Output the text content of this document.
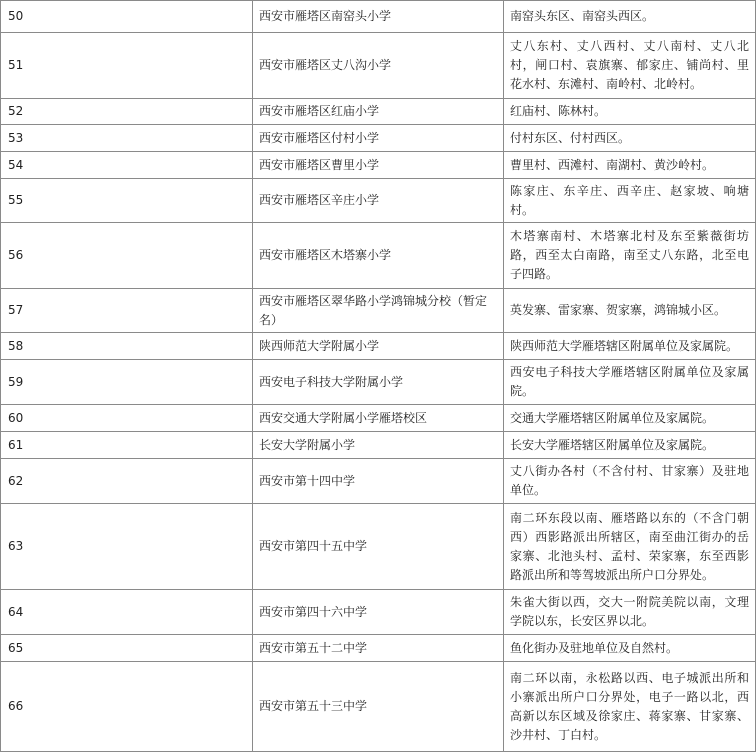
50	西安市雁塔区南窑头小学	南窑头东区、南窑头西区。
51	西安市雁塔区丈八沟小学	丈八东村、丈八西村、丈八南村、丈八北村，闸口村、袁旗寨、郁家庄、铺尚村、里花水村、东滩村、南岭村、北岭村。
52	西安市雁塔区红庙小学	红庙村、陈林村。
53	西安市雁塔区付村小学	付村东区、付村西区。
54	西安市雁塔区曹里小学	曹里村、西滩村、南湖村、黄沙岭村。
55	西安市雁塔区辛庄小学	陈家庄、东辛庄、西辛庄、赵家坡、响塘村。
56	西安市雁塔区木塔寨小学	木塔寨南村、木塔寨北村及东至紫薇街坊路，西至太白南路，南至丈八东路，北至电子四路。
57	西安市雁塔区翠华路小学鸿锦城分校（暂定名）	英发寨、雷家寨、贺家寨，鸿锦城小区。
58	陕西师范大学附属小学	陕西师范大学雁塔辖区附属单位及家属院。
59	西安电子科技大学附属小学	西安电子科技大学雁塔辖区附属单位及家属院。
60	西安交通大学附属小学雁塔校区	交通大学雁塔辖区附属单位及家属院。
61	长安大学附属小学	长安大学雁塔辖区附属单位及家属院。
62	西安市第十四中学	丈八街办各村（不含付村、甘家寨）及驻地单位。
63	西安市第四十五中学	南二环东段以南、雁塔路以东的（不含门朝西）西影路派出所辖区，南至曲江街办的岳家寨、北池头村、孟村、荣家寨，东至西影路派出所和等驾坡派出所户口分界处。
64	西安市第四十六中学	朱雀大街以西，交大一附院美院以南，文理学院以东，长安区界以北。
65	西安市第五十二中学	鱼化街办及驻地单位及自然村。
66	西安市第五十三中学	南二环以南，永松路以西、电子城派出所和小寨派出所户口分界处，电子一路以北，西高新以东区域及徐家庄、蒋家寨、甘家寨、沙井村、丁白村。
